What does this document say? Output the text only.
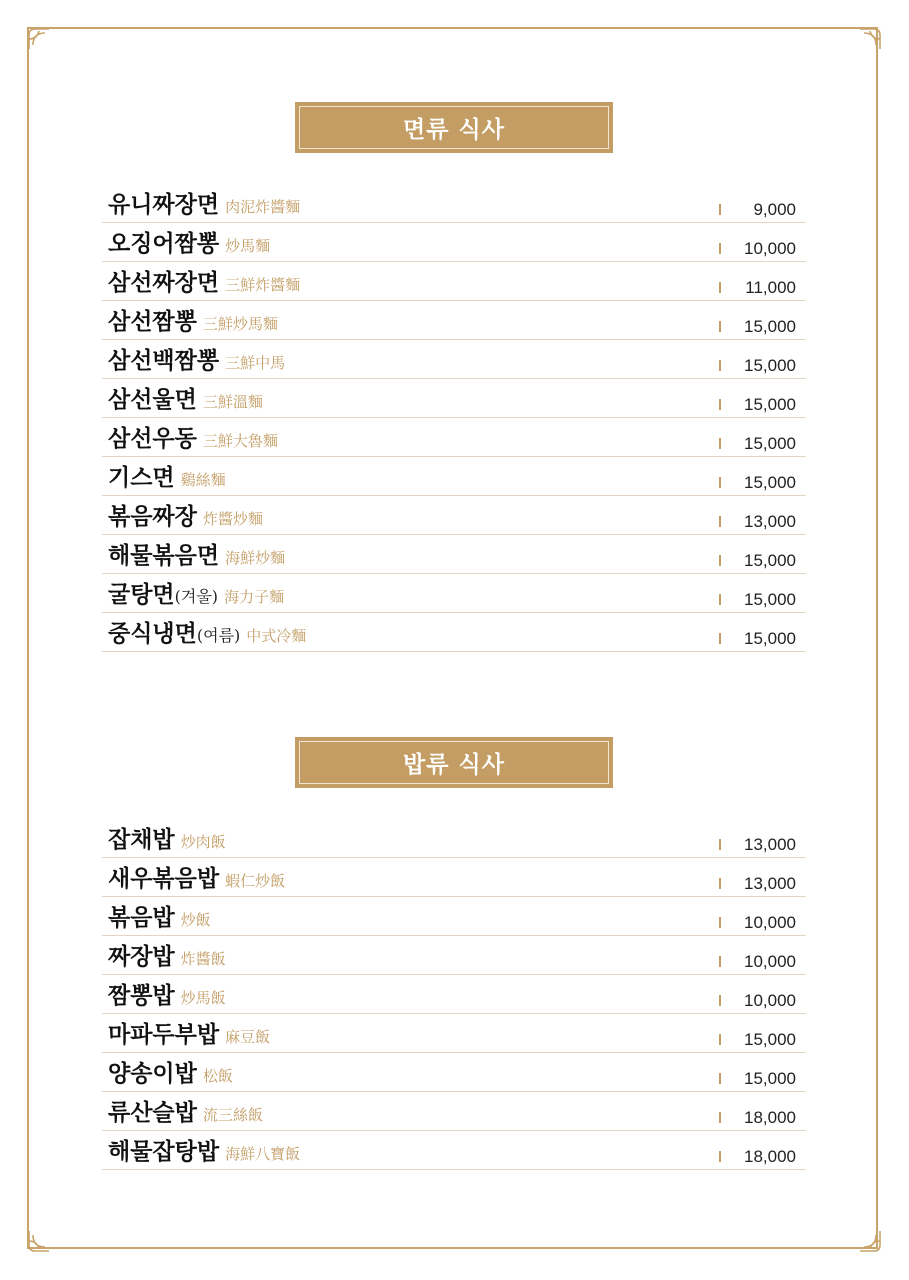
면류 식사
유니짜장면 肉泥炸醬麵	9,000
오징어짬뽕 炒馬麵	10,000
삼선짜장면 三鮮炸醬麵	11,000
삼선짬뽕 三鮮炒馬麵	15,000
삼선백짬뽕 三鮮中馬	15,000
삼선울면 三鮮溫麵	15,000
삼선우동 三鮮大魯麵	15,000
기스면 鷄絲麵	15,000
볶음짜장 炸醬炒麵	13,000
해물볶음면 海鮮炒麵	15,000
굴탕면(겨울) 海力子麵	15,000
중식냉면(여름) 中式冷麵	15,000
밥류 식사
잡채밥 炒肉飯	13,000
새우볶음밥 蝦仁炒飯	13,000
볶음밥 炒飯	10,000
짜장밥 炸醬飯	10,000
짬뽕밥 炒馬飯	10,000
마파두부밥 麻豆飯	15,000
양송이밥 松飯	15,000
류산슬밥 流三絲飯	18,000
해물잡탕밥 海鮮八寶飯	18,000
